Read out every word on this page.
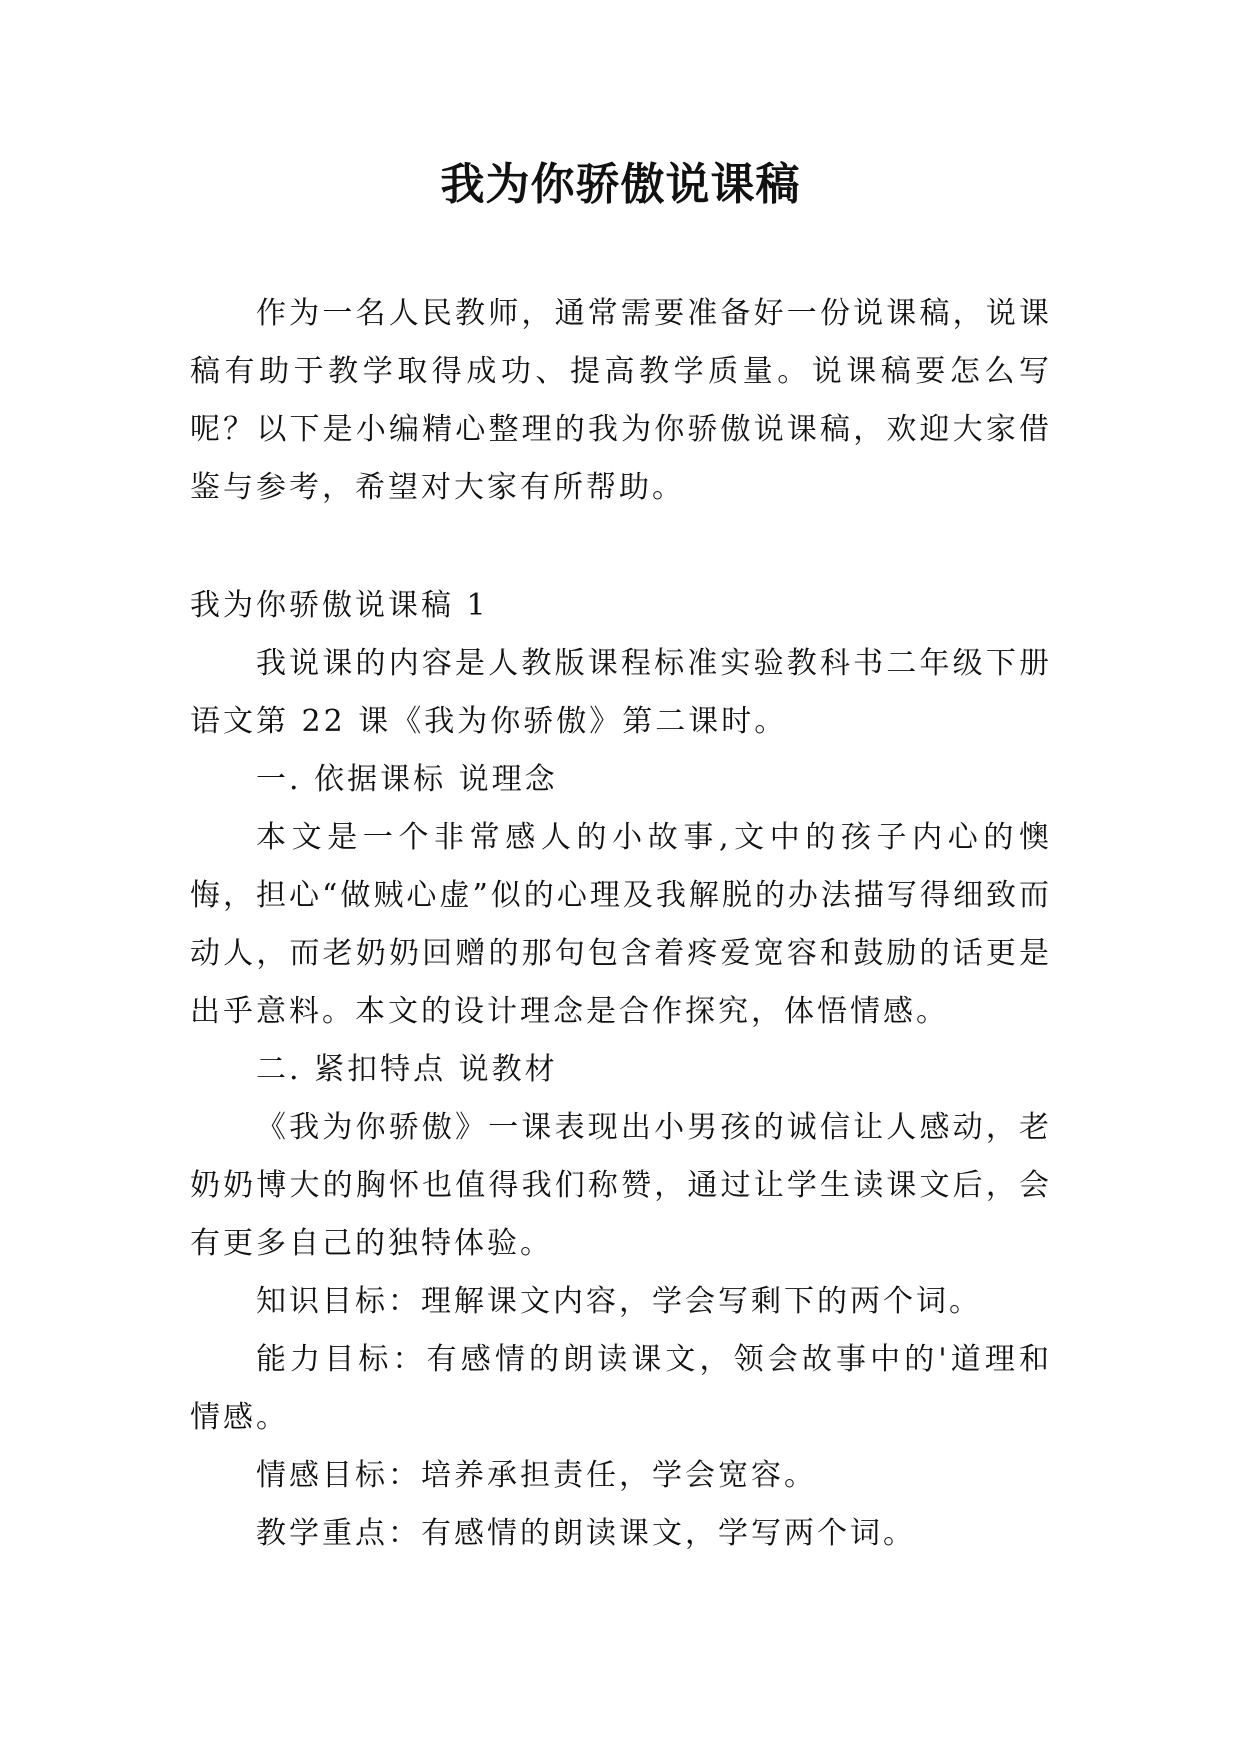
我为你骄傲说课稿

作为一名人民教师，通常需要准备好一份说课稿，说课稿有助于教学取得成功、提高教学质量。说课稿要怎么写呢？以下是小编精心整理的我为你骄傲说课稿，欢迎大家借鉴与参考，希望对大家有所帮助。

我为你骄傲说课稿 1

我说课的内容是人教版课程标准实验教科书二年级下册语文第 22 课《我为你骄傲》第二课时。

一. 依据课标 说理念

本文是一个非常感人的小故事,文中的孩子内心的懊悔，担心“做贼心虚”似的心理及我解脱的办法描写得细致而动人，而老奶奶回赠的那句包含着疼爱宽容和鼓励的话更是出乎意料。本文的设计理念是合作探究，体悟情感。

二. 紧扣特点 说教材

《我为你骄傲》一课表现出小男孩的诚信让人感动，老奶奶博大的胸怀也值得我们称赞，通过让学生读课文后，会有更多自己的独特体验。

知识目标：理解课文内容，学会写剩下的两个词。

能力目标：有感情的朗读课文，领会故事中的'道理和情感。

情感目标：培养承担责任，学会宽容。

教学重点：有感情的朗读课文，学写两个词。
